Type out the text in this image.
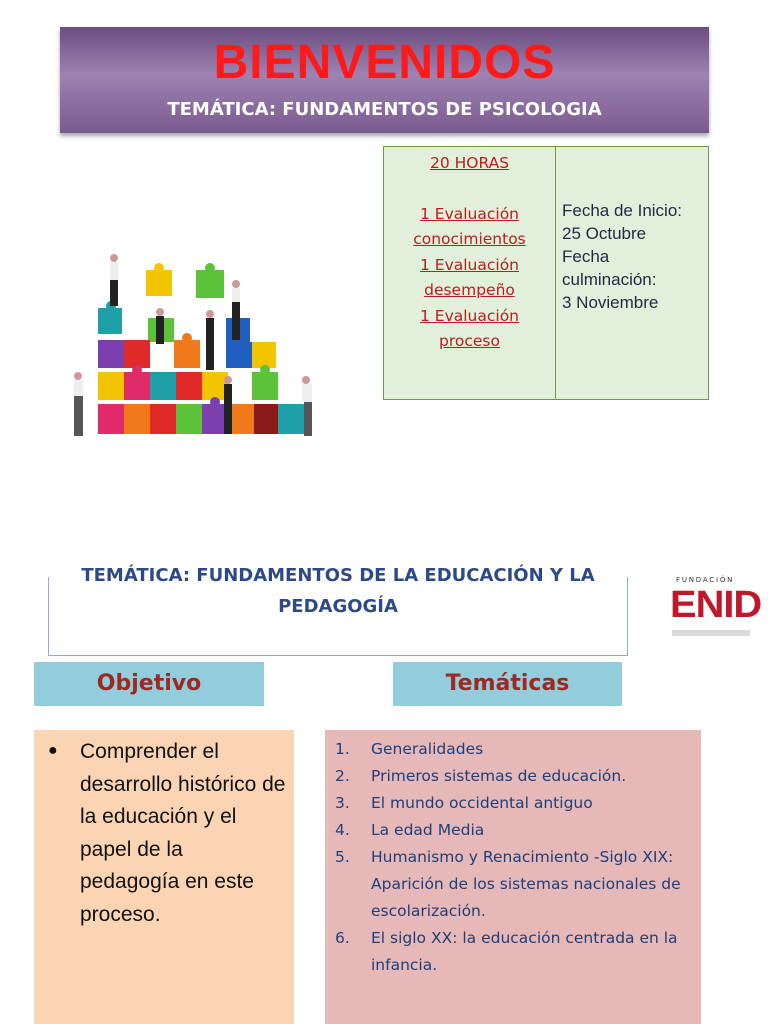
BIENVENIDOS
TEMÁTICA: FUNDAMENTOS DE PSICOLOGIA
20 HORAS
1 Evaluación
conocimientos
1 Evaluación
desempeño
1 Evaluación
proceso
Fecha de Inicio:
25 Octubre
Fecha
culminación:
3 Noviembre
TEMÁTICA: FUNDAMENTOS DE LA EDUCACIÓN Y LA
PEDAGOGÍA
FUNDACIÓN
ENID
Objetivo	Temáticas
● Comprender el desarrollo histórico de la educación y el papel de la pedagogía en este proceso.
1.	Generalidades
2.	Primeros sistemas de educación.
3.	El mundo occidental antiguo
4.	La edad Media
5.	Humanismo y Renacimiento -Siglo XIX: Aparición de los sistemas nacionales de escolarización.
6.	El siglo XX: la educación centrada en la infancia.
